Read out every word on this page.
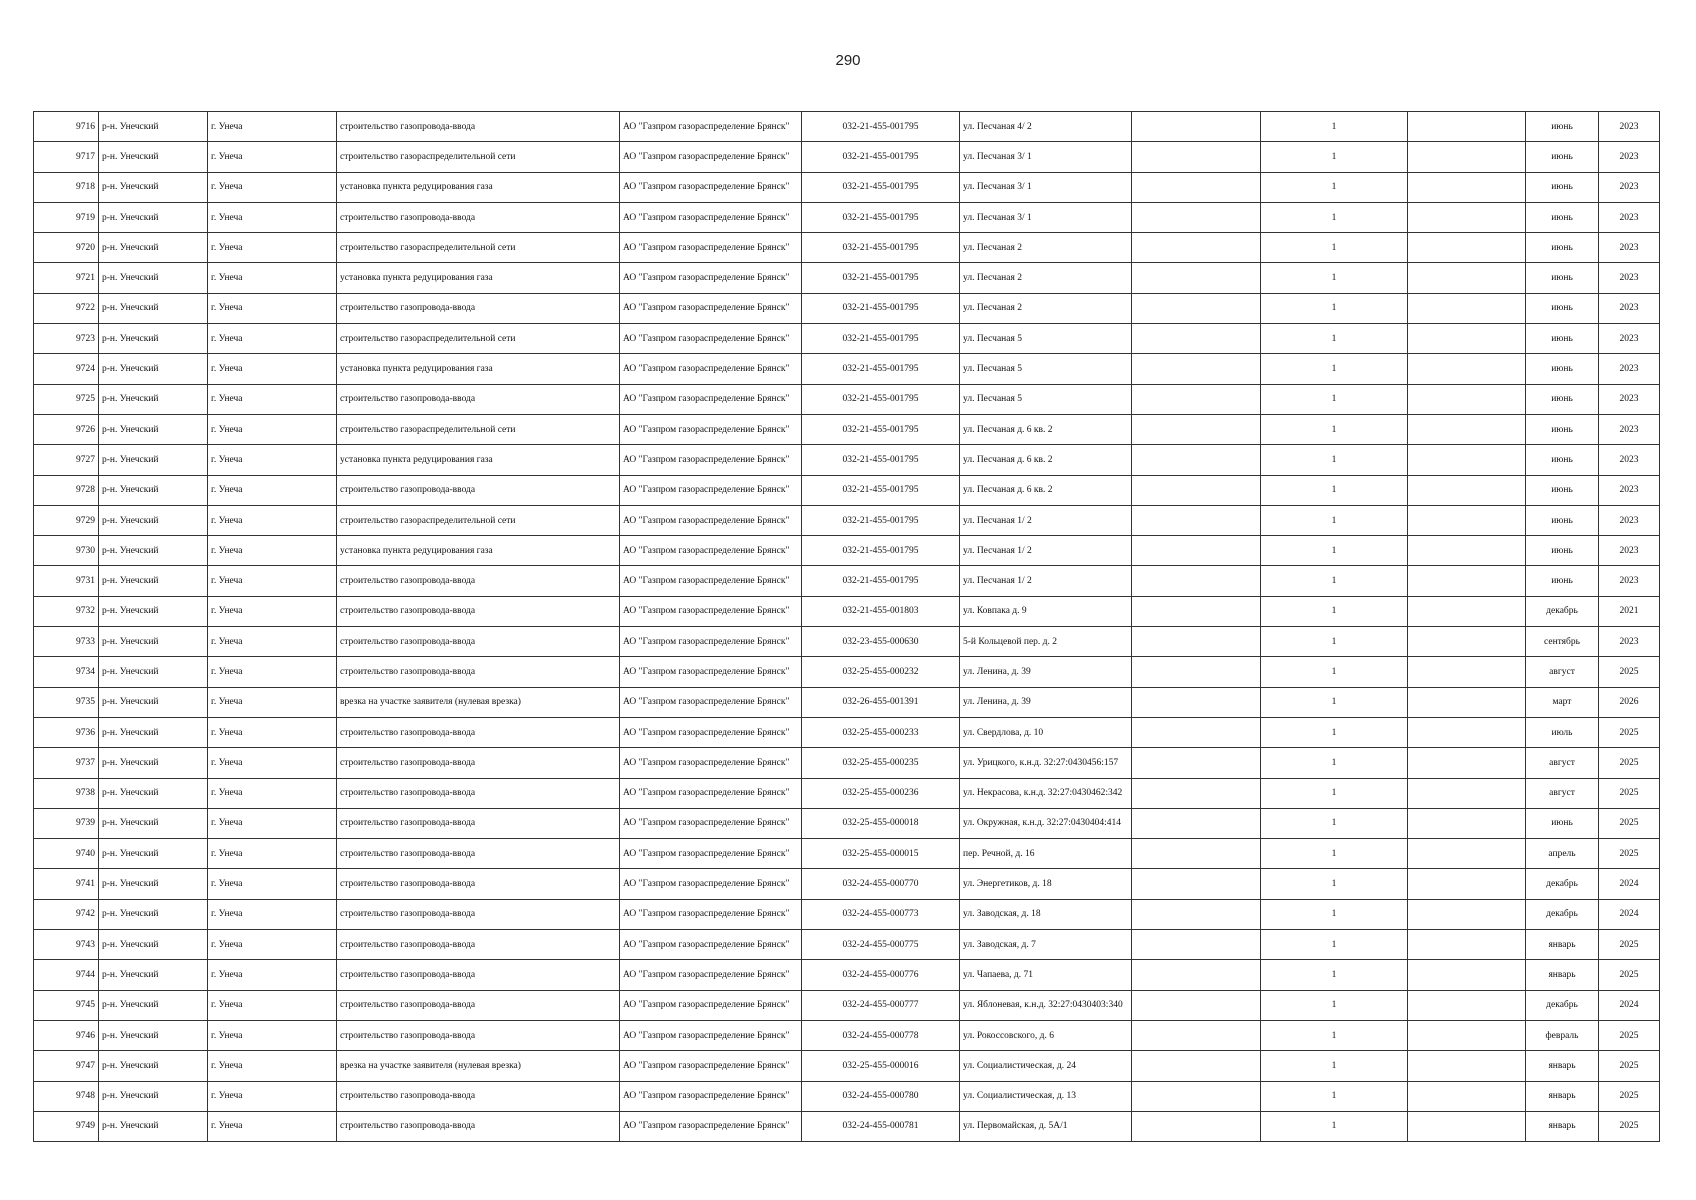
290
9716	р-н. Унечский	г. Унеча	строительство газопровода-ввода	АО "Газпром газораспределение Брянск"	032-21-455-001795	ул. Песчаная 4/ 2		1		июнь	2023
9717	р-н. Унечский	г. Унеча	строительство газораспределительной сети	АО "Газпром газораспределение Брянск"	032-21-455-001795	ул. Песчаная 3/ 1		1		июнь	2023
9718	р-н. Унечский	г. Унеча	установка пункта редуцирования газа	АО "Газпром газораспределение Брянск"	032-21-455-001795	ул. Песчаная 3/ 1		1		июнь	2023
9719	р-н. Унечский	г. Унеча	строительство газопровода-ввода	АО "Газпром газораспределение Брянск"	032-21-455-001795	ул. Песчаная 3/ 1		1		июнь	2023
9720	р-н. Унечский	г. Унеча	строительство газораспределительной сети	АО "Газпром газораспределение Брянск"	032-21-455-001795	ул. Песчаная 2		1		июнь	2023
9721	р-н. Унечский	г. Унеча	установка пункта редуцирования газа	АО "Газпром газораспределение Брянск"	032-21-455-001795	ул. Песчаная 2		1		июнь	2023
9722	р-н. Унечский	г. Унеча	строительство газопровода-ввода	АО "Газпром газораспределение Брянск"	032-21-455-001795	ул. Песчаная 2		1		июнь	2023
9723	р-н. Унечский	г. Унеча	строительство газораспределительной сети	АО "Газпром газораспределение Брянск"	032-21-455-001795	ул. Песчаная 5		1		июнь	2023
9724	р-н. Унечский	г. Унеча	установка пункта редуцирования газа	АО "Газпром газораспределение Брянск"	032-21-455-001795	ул. Песчаная 5		1		июнь	2023
9725	р-н. Унечский	г. Унеча	строительство газопровода-ввода	АО "Газпром газораспределение Брянск"	032-21-455-001795	ул. Песчаная 5		1		июнь	2023
9726	р-н. Унечский	г. Унеча	строительство газораспределительной сети	АО "Газпром газораспределение Брянск"	032-21-455-001795	ул. Песчаная д. 6 кв. 2		1		июнь	2023
9727	р-н. Унечский	г. Унеча	установка пункта редуцирования газа	АО "Газпром газораспределение Брянск"	032-21-455-001795	ул. Песчаная д. 6 кв. 2		1		июнь	2023
9728	р-н. Унечский	г. Унеча	строительство газопровода-ввода	АО "Газпром газораспределение Брянск"	032-21-455-001795	ул. Песчаная д. 6 кв. 2		1		июнь	2023
9729	р-н. Унечский	г. Унеча	строительство газораспределительной сети	АО "Газпром газораспределение Брянск"	032-21-455-001795	ул. Песчаная 1/ 2		1		июнь	2023
9730	р-н. Унечский	г. Унеча	установка пункта редуцирования газа	АО "Газпром газораспределение Брянск"	032-21-455-001795	ул. Песчаная 1/ 2		1		июнь	2023
9731	р-н. Унечский	г. Унеча	строительство газопровода-ввода	АО "Газпром газораспределение Брянск"	032-21-455-001795	ул. Песчаная 1/ 2		1		июнь	2023
9732	р-н. Унечский	г. Унеча	строительство газопровода-ввода	АО "Газпром газораспределение Брянск"	032-21-455-001803	ул. Ковпака д. 9		1		декабрь	2021
9733	р-н. Унечский	г. Унеча	строительство газопровода-ввода	АО "Газпром газораспределение Брянск"	032-23-455-000630	5-й Кольцевой пер. д. 2		1		сентябрь	2023
9734	р-н. Унечский	г. Унеча	строительство газопровода-ввода	АО "Газпром газораспределение Брянск"	032-25-455-000232	ул. Ленина, д. 39		1		август	2025
9735	р-н. Унечский	г. Унеча	врезка на участке заявителя (нулевая врезка)	АО "Газпром газораспределение Брянск"	032-26-455-001391	ул. Ленина, д. 39		1		март	2026
9736	р-н. Унечский	г. Унеча	строительство газопровода-ввода	АО "Газпром газораспределение Брянск"	032-25-455-000233	ул. Свердлова, д. 10		1		июль	2025
9737	р-н. Унечский	г. Унеча	строительство газопровода-ввода	АО "Газпром газораспределение Брянск"	032-25-455-000235	ул. Урицкого, к.н.д. 32:27:0430456:157		1		август	2025
9738	р-н. Унечский	г. Унеча	строительство газопровода-ввода	АО "Газпром газораспределение Брянск"	032-25-455-000236	ул. Некрасова, к.н.д. 32:27:0430462:342		1		август	2025
9739	р-н. Унечский	г. Унеча	строительство газопровода-ввода	АО "Газпром газораспределение Брянск"	032-25-455-000018	ул. Окружная, к.н.д. 32:27:0430404:414		1		июнь	2025
9740	р-н. Унечский	г. Унеча	строительство газопровода-ввода	АО "Газпром газораспределение Брянск"	032-25-455-000015	пер. Речной, д. 16		1		апрель	2025
9741	р-н. Унечский	г. Унеча	строительство газопровода-ввода	АО "Газпром газораспределение Брянск"	032-24-455-000770	ул. Энергетиков, д. 18		1		декабрь	2024
9742	р-н. Унечский	г. Унеча	строительство газопровода-ввода	АО "Газпром газораспределение Брянск"	032-24-455-000773	ул. Заводская, д. 18		1		декабрь	2024
9743	р-н. Унечский	г. Унеча	строительство газопровода-ввода	АО "Газпром газораспределение Брянск"	032-24-455-000775	ул. Заводская, д. 7		1		январь	2025
9744	р-н. Унечский	г. Унеча	строительство газопровода-ввода	АО "Газпром газораспределение Брянск"	032-24-455-000776	ул. Чапаева, д. 71		1		январь	2025
9745	р-н. Унечский	г. Унеча	строительство газопровода-ввода	АО "Газпром газораспределение Брянск"	032-24-455-000777	ул. Яблоневая, к.н.д. 32:27:0430403:340		1		декабрь	2024
9746	р-н. Унечский	г. Унеча	строительство газопровода-ввода	АО "Газпром газораспределение Брянск"	032-24-455-000778	ул. Рокоссовского, д. 6		1		февраль	2025
9747	р-н. Унечский	г. Унеча	врезка на участке заявителя (нулевая врезка)	АО "Газпром газораспределение Брянск"	032-25-455-000016	ул. Социалистическая, д. 24		1		январь	2025
9748	р-н. Унечский	г. Унеча	строительство газопровода-ввода	АО "Газпром газораспределение Брянск"	032-24-455-000780	ул. Социалистическая, д. 13		1		январь	2025
9749	р-н. Унечский	г. Унеча	строительство газопровода-ввода	АО "Газпром газораспределение Брянск"	032-24-455-000781	ул. Первомайская, д. 5А/1		1		январь	2025
